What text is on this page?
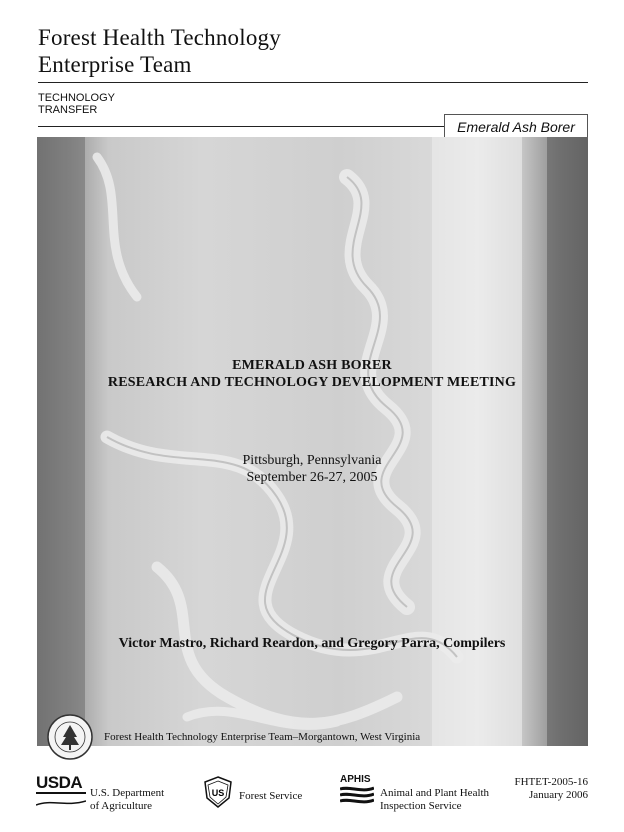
Forest Health Technology
Enterprise Team
TECHNOLOGY
TRANSFER
Emerald Ash Borer
EMERALD ASH BORER
RESEARCH AND TECHNOLOGY DEVELOPMENT MEETING
Pittsburgh, Pennsylvania
September 26-27, 2005
Victor Mastro, Richard Reardon, and Gregory Parra, Compilers
Forest Health Technology Enterprise Team–Morgantown, West Virginia
USDA
U.S. Department
of Agriculture
US Forest Service
APHIS
Animal and Plant Health
Inspection Service
FHTET-2005-16
January 2006
